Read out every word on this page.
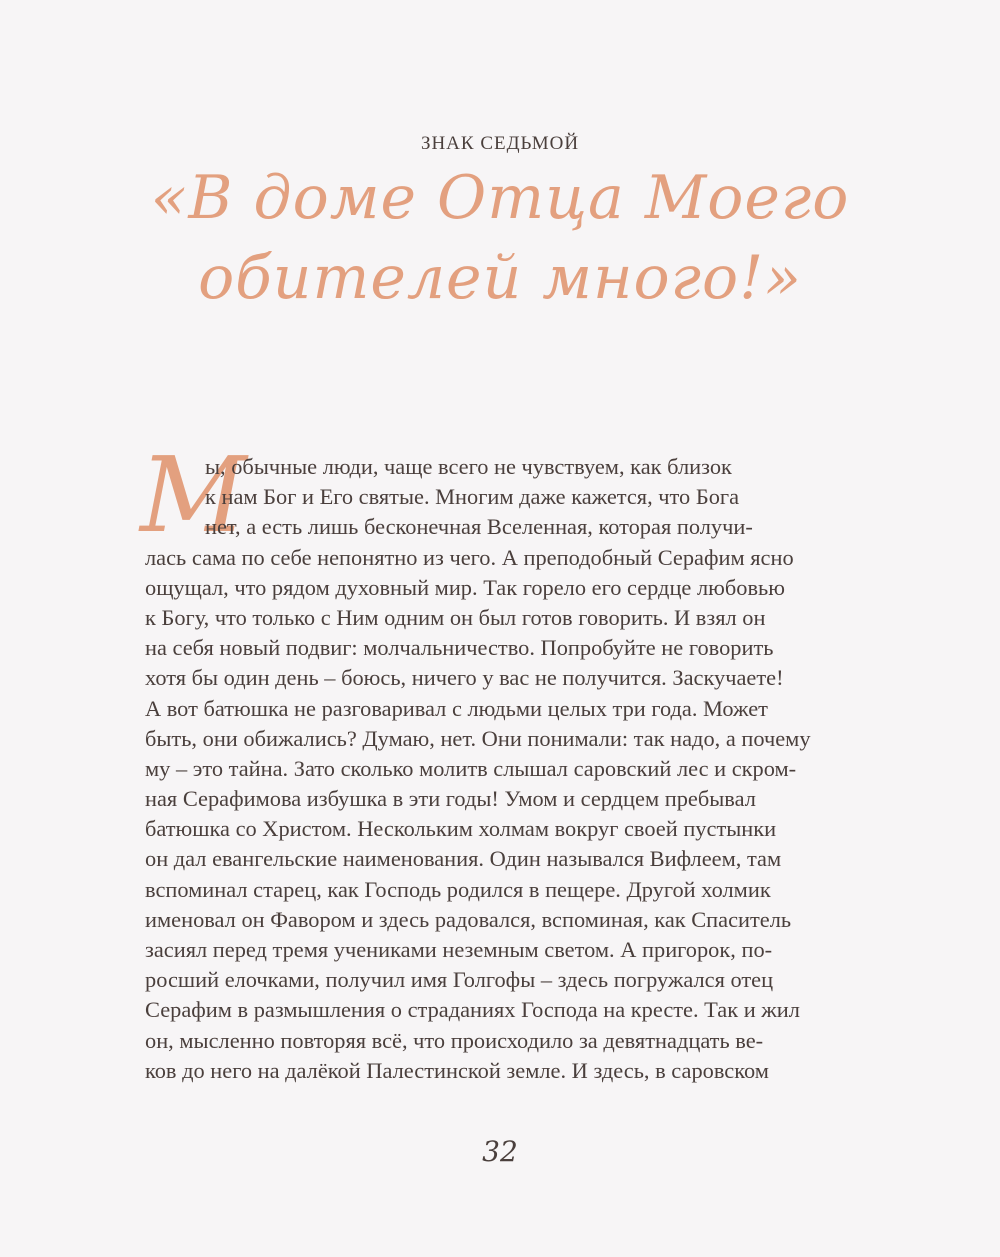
ЗНАК СЕДЬМОЙ
«В доме Отца Моего
обителей много!»
М
ы, обычные люди, чаще всего не чувствуем, как близок
к нам Бог и Его святые. Многим даже кажется, что Бога
нет, а есть лишь бесконечная Вселенная, которая получи-
лась сама по себе непонятно из чего. А преподобный Серафим ясно
ощущал, что рядом духовный мир. Так горело его сердце любовью
к Богу, что только с Ним одним он был готов говорить. И взял он
на себя новый подвиг: молчальничество. Попробуйте не говорить
хотя бы один день – боюсь, ничего у вас не получится. Заскучаете!
А вот батюшка не разговаривал с людьми целых три года. Может
быть, они обижались? Думаю, нет. Они понимали: так надо, а почему
му – это тайна. Зато сколько молитв слышал саровский лес и скром-
ная Серафимова избушка в эти годы! Умом и сердцем пребывал
батюшка со Христом. Нескольким холмам вокруг своей пустынки
он дал евангельские наименования. Один назывался Вифлеем, там
вспоминал старец, как Господь родился в пещере. Другой холмик
именовал он Фавором и здесь радовался, вспоминая, как Спаситель
засиял перед тремя учениками неземным светом. А пригорок, по-
росший елочками, получил имя Голгофы – здесь погружался отец
Серафим в размышления о страданиях Господа на кресте. Так и жил
он, мысленно повторяя всё, что происходило за девятнадцать ве-
ков до него на далёкой Палестинской земле. И здесь, в саровском
32
